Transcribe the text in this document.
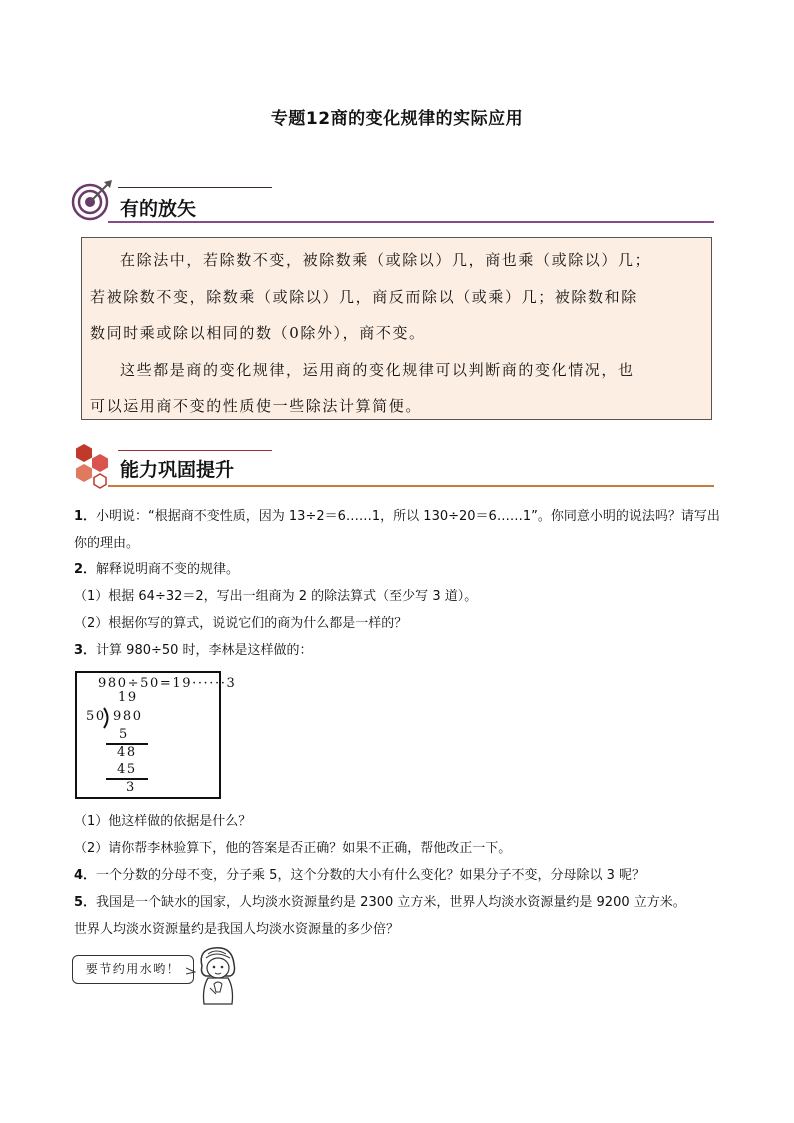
专题12商的变化规律的实际应用
有的放矢

在除法中，若除数不变，被除数乘（或除以）几，商也乘（或除以）几；

若被除数不变，除数乘（或除以）几，商反而除以（或乘）几；被除数和除

数同时乘或除以相同的数（0除外），商不变。

这些都是商的变化规律，运用商的变化规律可以判断商的变化情况，也

可以运用商不变的性质使一些除法计算简便。

能力巩固提升
1．小明说：“根据商不变性质，因为 13÷2＝6……1，所以 130÷20＝6……1”。你同意小明的说法吗？请写出
你的理由。
2．解释说明商不变的规律。
（1）根据 64÷32＝2，写出一组商为 2 的除法算式（至少写 3 道）。
（2）根据你写的算式，说说它们的商为什么都是一样的？
3．计算 980÷50 时，李林是这样做的：
980÷50=19······3
19
50 980
5
48
45
3
（1）他这样做的依据是什么？
（2）请你帮李林验算下，他的答案是否正确？如果不正确，帮他改正一下。
4．一个分数的分母不变，分子乘 5，这个分数的大小有什么变化？如果分子不变，分母除以 3 呢？
5．我国是一个缺水的国家，人均淡水资源量约是 2300 立方米，世界人均淡水资源量约是 9200 立方米。
世界人均淡水资源量约是我国人均淡水资源量的多少倍？
要节约用水哟！
